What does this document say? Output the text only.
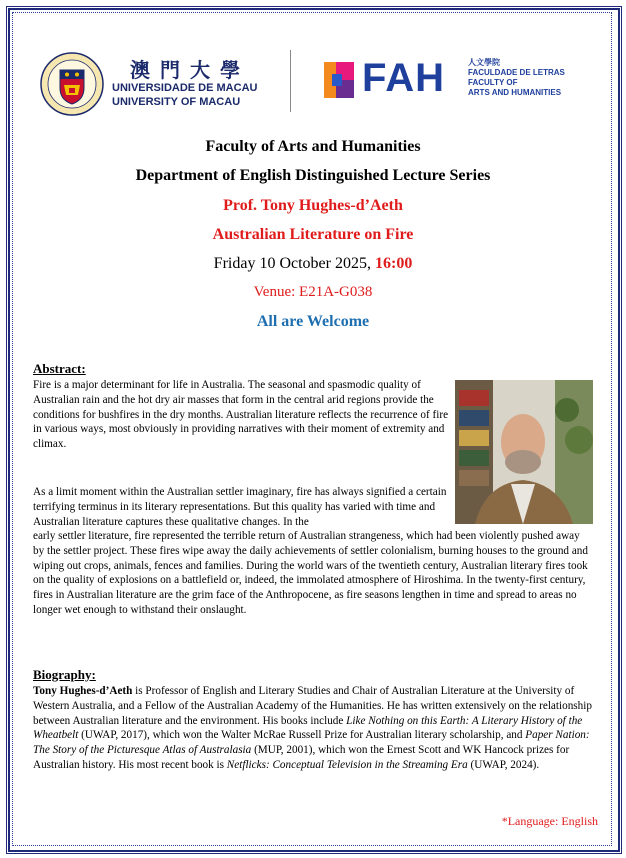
澳門大學
UNIVERSIDADE DE MACAU
UNIVERSITY OF MACAU
FAH	人文學院
FACULDADE DE LETRAS
FACULTY OF
ARTS AND HUMANITIES
Faculty of Arts and Humanities
Department of English Distinguished Lecture Series
Prof. Tony Hughes-d’Aeth
Australian Literature on Fire
Friday 10 October 2025, 16:00
Venue: E21A-G038
All are Welcome
Abstract:
Fire is a major determinant for life in Australia. The seasonal and spasmodic quality of Australian rain and the hot dry air masses that form in the central arid regions provide the conditions for bushfires in the dry months. Australian literature reflects the recurrence of fire in various ways, most obviously in providing narratives with their moment of extremity and climax.
As a limit moment within the Australian settler imaginary, fire has always signified a certain terrifying terminus in its literary representations. But this quality has varied with time and Australian literature captures these qualitative changes. In the
early settler literature, fire represented the terrible return of Australian strangeness, which had been violently pushed away by the settler project. These fires wipe away the daily achievements of settler colonialism, burning houses to the ground and wiping out crops, animals, fences and families. During the world wars of the twentieth century, Australian literary fires took on the quality of explosions on a battlefield or, indeed, the immolated atmosphere of Hiroshima. In the twenty-first century, fires in Australian literature are the grim face of the Anthropocene, as fire seasons lengthen in time and spread to areas no longer wet enough to withstand their onslaught.
Biography:
Tony Hughes-d’Aeth is Professor of English and Literary Studies and Chair of Australian Literature at the University of Western Australia, and a Fellow of the Australian Academy of the Humanities. He has written extensively on the relationship between Australian literature and the environment. His books include Like Nothing on this Earth: A Literary History of the Wheatbelt (UWAP, 2017), which won the Walter McRae Russell Prize for Australian literary scholarship, and Paper Nation: The Story of the Picturesque Atlas of Australasia (MUP, 2001), which won the Ernest Scott and WK Hancock prizes for Australian history. His most recent book is Netflicks: Conceptual Television in the Streaming Era (UWAP, 2024).
*Language: English
